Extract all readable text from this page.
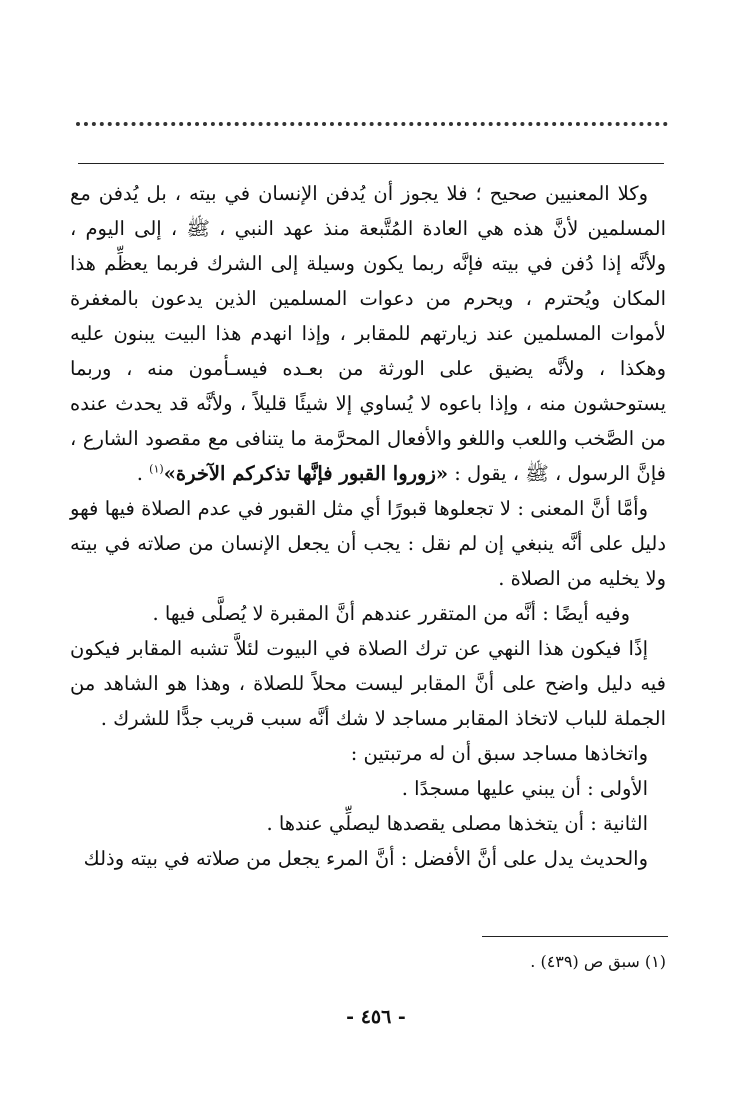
وكلا المعنيين صحيح ؛ فلا يجوز أن يُدفن الإنسان في بيته ، بل يُدفن مع المسلمين لأنَّ هذه هي العادة المُتَّبعة منذ عهد النبي ، ﷺ ، إلى اليوم ، ولأنَّه إذا دُفن في بيته فإنَّه ربما يكون وسيلة إلى الشرك فربما يعظِّم هذا المكان ويُحترم ، ويحرم من دعوات المسلمين الذين يدعون بالمغفرة لأموات المسلمين عند زيارتهم للمقابر ، وإذا انهدم هذا البيت يبنون عليه وهكذا ، ولأنَّه يضيق على الورثة من بعـده فيسـأمون منه ، وربما يستوحشون منه ، وإذا باعوه لا يُساوي إلا شيئًا قليلاً ، ولأنَّه قد يحدث عنده من الصَّخب واللعب واللغو والأفعال المحرَّمة ما يتنافى مع مقصود الشارع ، فإنَّ الرسول ، ﷺ ، يقول : «زوروا القبور فإنَّها تذكركم الآخرة»$^{(١)}$ .

وأمَّا أنَّ المعنى : لا تجعلوها قبورًا أي مثل القبور في عدم الصلاة فيها فهو دليل على أنَّه ينبغي إن لم نقل : يجب أن يجعل الإنسان من صلاته في بيته ولا يخليه من الصلاة .

وفيه أيضًا : أنَّه من المتقرر عندهم أنَّ المقبرة لا يُصلَّى فيها .

إذًا فيكون هذا النهي عن ترك الصلاة في البيوت لئلاَّ تشبه المقابر فيكون فيه دليل واضح على أنَّ المقابر ليست محلاً للصلاة ، وهذا هو الشاهد من الجملة للباب لاتخاذ المقابر مساجد لا شك أنَّه سبب قريب جدًّا للشرك .

واتخاذها مساجد سبق أن له مرتبتين :

الأولى : أن يبني عليها مسجدًا .

الثانية : أن يتخذها مصلى يقصدها ليصلِّي عندها .

والحديث يدل على أنَّ الأفضل : أنَّ المرء يجعل من صلاته في بيته وذلك

(١) سبق ص (٤٣٩) .
- ٤٥٦ -
